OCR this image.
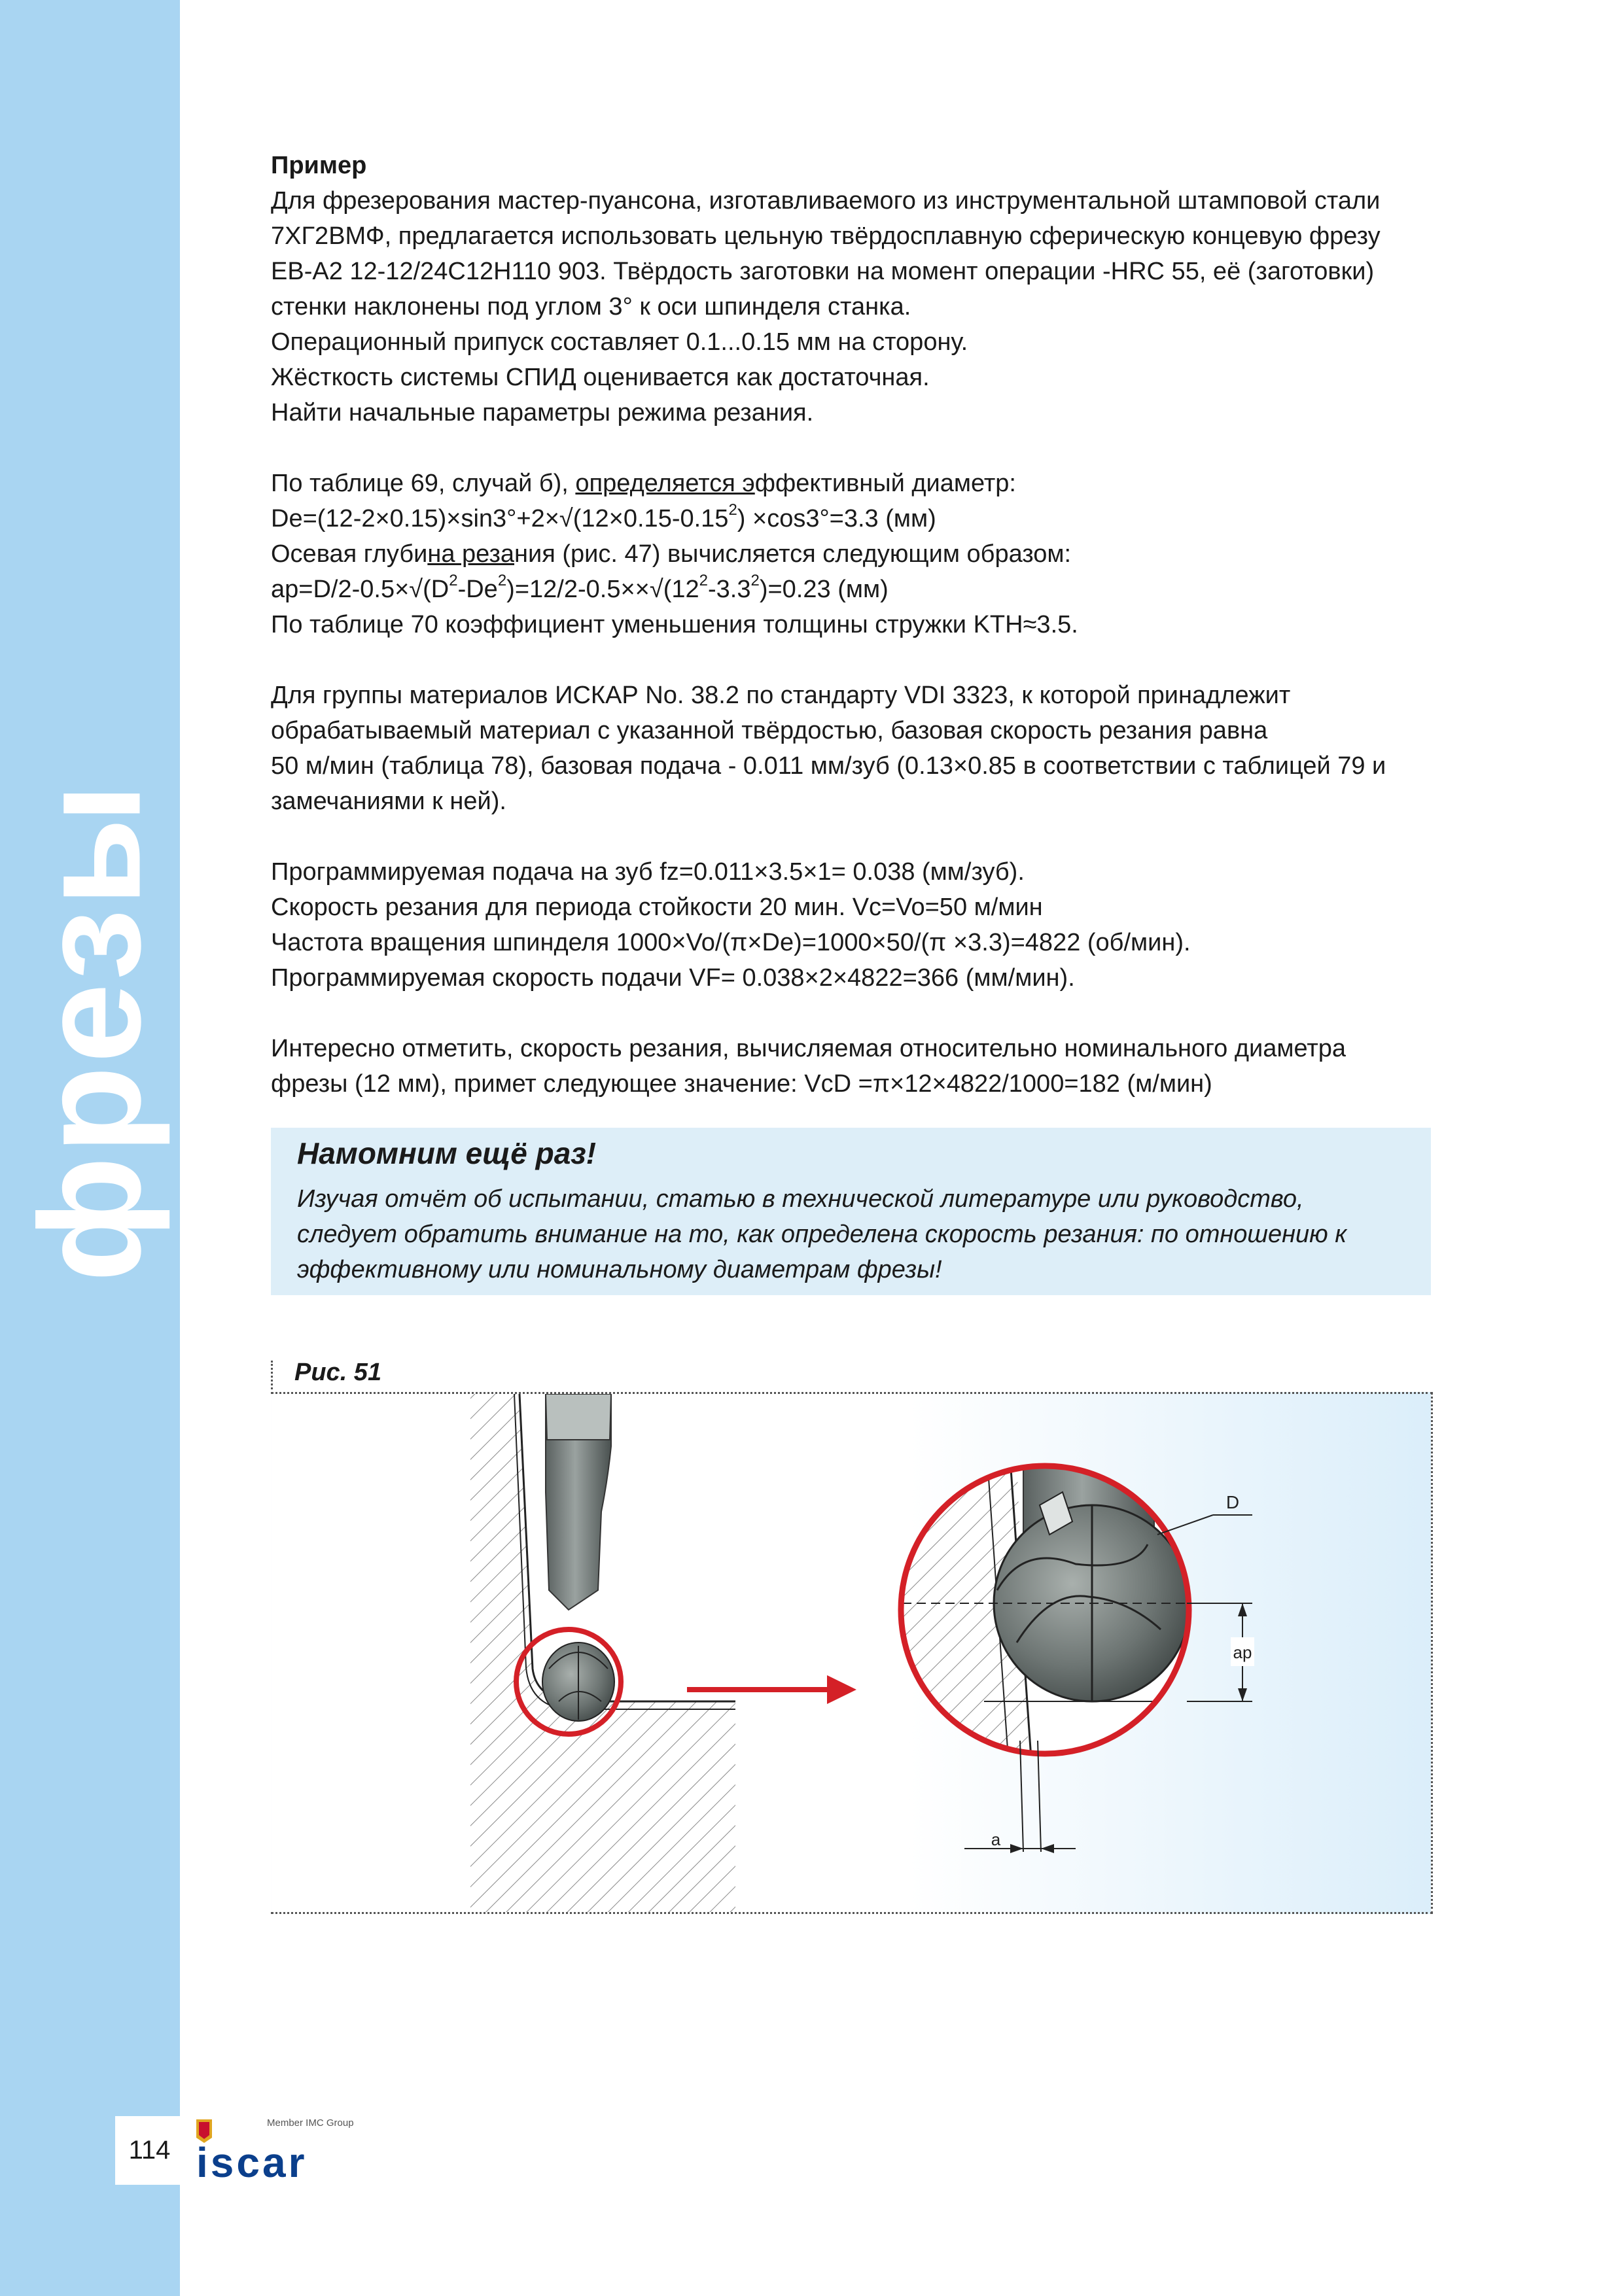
фрезы
Пример
Для фрезерования мастер-пуансона, изготавливаемого из инструментальной штамповой стали
7ХГ2ВМФ, предлагается использовать цельную твёрдосплавную сферическую концевую фрезу
ЕВ-А2 12-12/24С12Н110 903. Твёрдость заготовки на момент операции -HRC 55, её (заготовки)
стенки наклонены под углом 3° к оси шпинделя станка.
Операционный припуск составляет 0.1...0.15 мм на сторону.
Жёсткость системы СПИД оценивается как достаточная.
Найти начальные параметры режима резания.
По таблице 69, случай б), определяется эффективный диаметр:
$De=(12-2\times 0.15)\times\sin 3^\circ+2\times√(12\times 0.15-0.15^2) \times\cos 3^\circ=3.3$ (мм)
Осевая глубина резания (рис. 47) вычисляется следующим образом:
$ap=D/2-0.5\times√(D^2-De^2)=12/2-0.5\times\times√(12^2-3.3^2)=0.23$ (мм)
По таблице 70 коэффициент уменьшения толщины стружки KTH≈3.5.
Для группы материалов ИСКАР No. 38.2 по стандарту VDI 3323, к которой принадлежит
обрабатываемый материал с указанной твёрдостью, базовая скорость резания равна
50 м/мин (таблица 78), базовая подача - 0.011 мм/зуб (0.13×0.85 в соответствии с таблицей 79 и
замечаниями к ней).
Программируемая подача на зуб fz=0.011×3.5×1= 0.038 (мм/зуб).
Скорость резания для периода стойкости 20 мин. Vc=Vo=50 м/мин
Частота вращения шпинделя 1000×Vo/(π×De)=1000×50/(π ×3.3)=4822 (об/мин).
Программируемая скорость подачи VF= 0.038×2×4822=366 (мм/мин).
Интересно отметить, скорость резания, вычисляемая относительно номинального диаметра
фрезы (12 мм), примет следующее значение: VcD =π×12×4822/1000=182 (м/мин)
Намомним ещё раз!
Изучая отчёт об испытании, статью в технической литературе или руководство,
следует обратить внимание на то, как определена скорость резания: по отношению к
эффективному или номинальному диаметрам фрезы!
Рис. 51
ap
D
a
114
Member IMC Group
iscar
